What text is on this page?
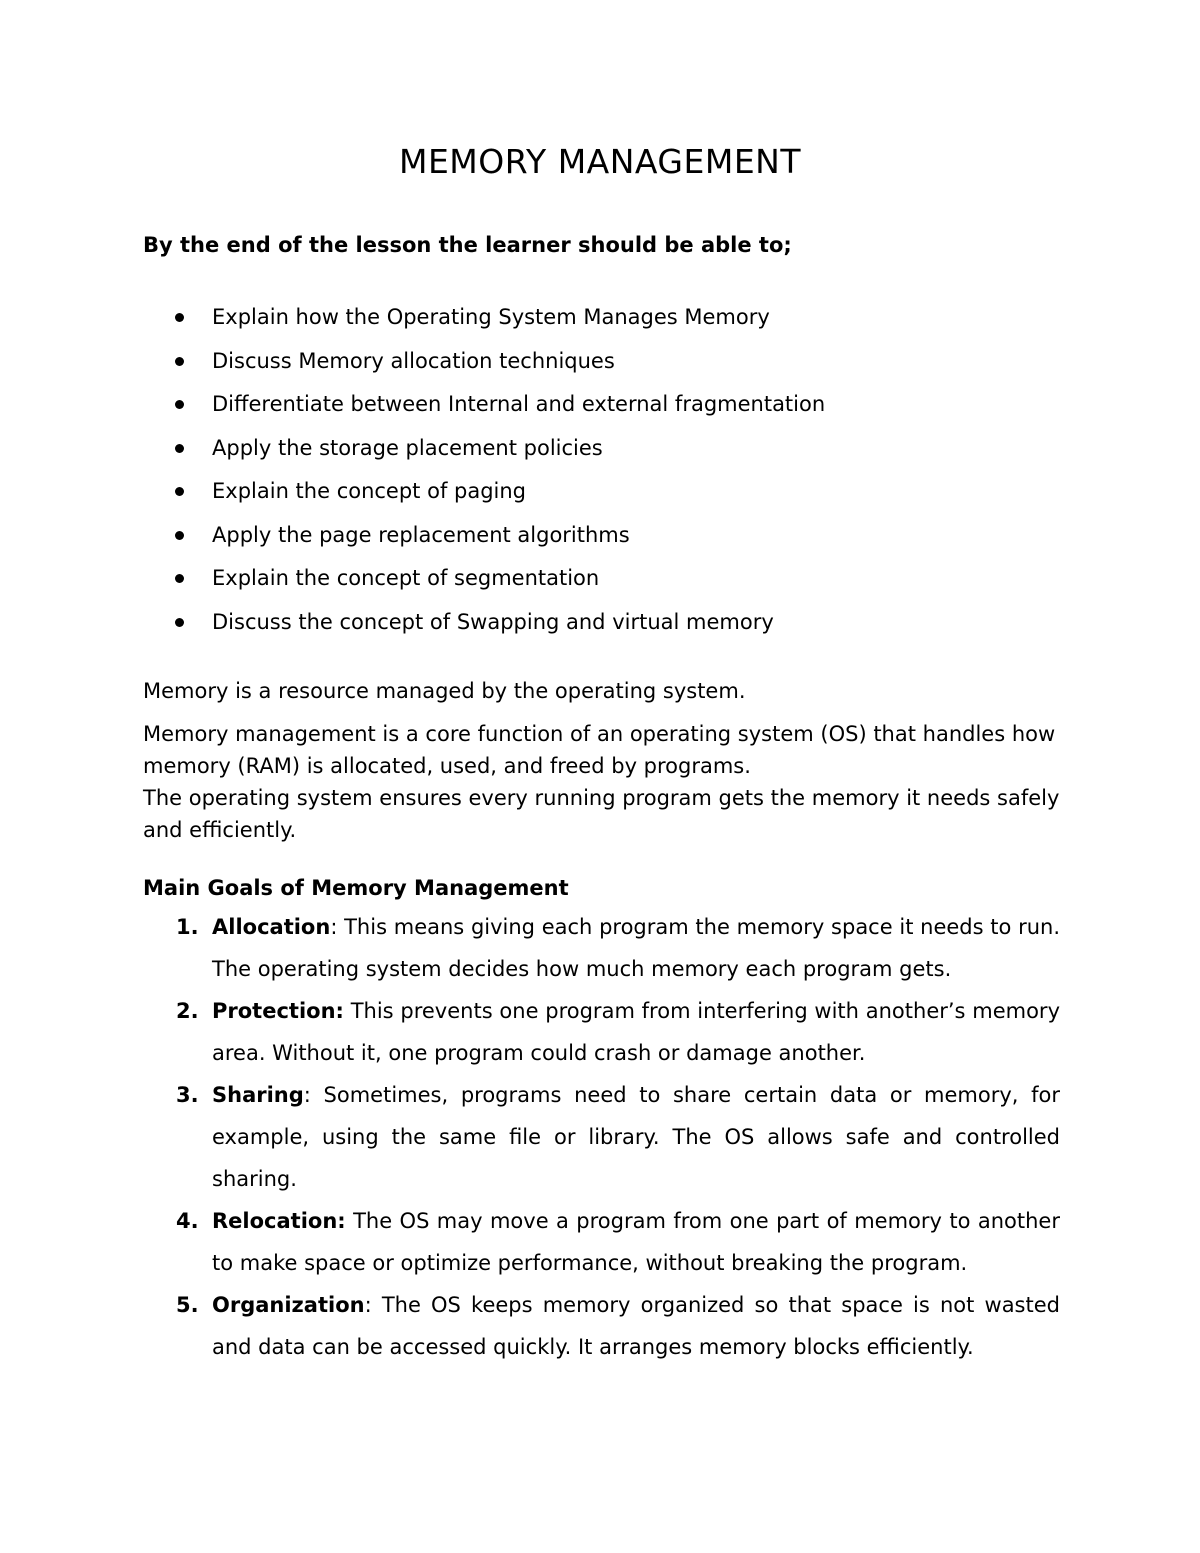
MEMORY MANAGEMENT

By the end of the lesson the learner should be able to;

Explain how the Operating System Manages Memory
Discuss Memory allocation techniques
Differentiate between Internal and external fragmentation
Apply the storage placement policies
Explain the concept of paging
Apply the page replacement algorithms
Explain the concept of segmentation
Discuss the concept of Swapping and virtual memory

Memory is a resource managed by the operating system.

Memory management is a core function of an operating system (OS) that handles how memory (RAM) is allocated, used, and freed by programs.
The operating system ensures every running program gets the memory it needs safely and efficiently.

Main Goals of Memory Management

1. Allocation: This means giving each program the memory space it needs to run. The operating system decides how much memory each program gets.
2. Protection: This prevents one program from interfering with another’s memory area. Without it, one program could crash or damage another.
3. Sharing: Sometimes, programs need to share certain data or memory, for example, using the same file or library. The OS allows safe and controlled sharing.
4. Relocation: The OS may move a program from one part of memory to another to make space or optimize performance, without breaking the program.
5. Organization: The OS keeps memory organized so that space is not wasted and data can be accessed quickly. It arranges memory blocks efficiently.
